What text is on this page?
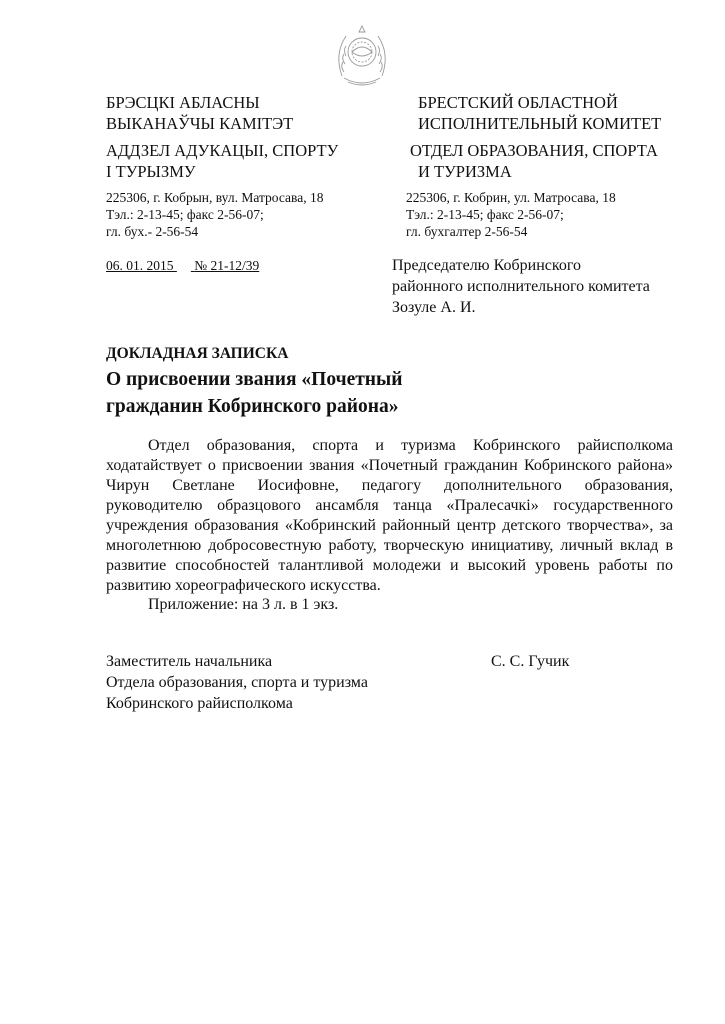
БРЭСЦКI АБЛАСНЫ
ВЫКАНАЎЧЫ КАМIТЭТ
АДДЗЕЛ АДУКАЦЫI, СПОРТУ
I ТУРЫЗМУ
225306, г. Кобрын, вул. Матросава, 18
Тэл.: 2-13-45; факс 2-56-07;
гл. бух.- 2-56-54
БРЕСТСКИЙ ОБЛАСТНОЙ
ИСПОЛНИТЕЛЬНЫЙ КОМИТЕТ
ОТДЕЛ ОБРАЗОВАНИЯ, СПОРТА
И ТУРИЗМА
225306, г. Кобрин, ул. Матросава, 18
Тэл.: 2-13-45; факс 2-56-07;
гл. бухгалтер 2-56-54
06. 01. 2015 № 21-12/39	Председателю Кобринского
районного исполнительного комитета
Зозуле А. И.
ДОКЛАДНАЯ ЗАПИСКА
О присвоении звания «Почетный
гражданин Кобринского района»

Отдел образования, спорта и туризма Кобринского райисполкома ходатайствует о присвоении звания «Почетный гражданин Кобринского района» Чирун Светлане Иосифовне, педагогу дополнительного образования, руководителю образцового ансамбля танца «Пралесачкi» государственного учреждения образования «Кобринский районный центр детского творчества», за многолетнюю добросовестную работу, творческую инициативу, личный вклад в развитие способностей талантливой молодежи и высокий уровень работы по развитию хореографического искусства.

Приложение: на 3 л. в 1 экз.
Заместитель начальника
Отдела образования, спорта и туризма
Кобринского райисполкома
С. С. Гучик
